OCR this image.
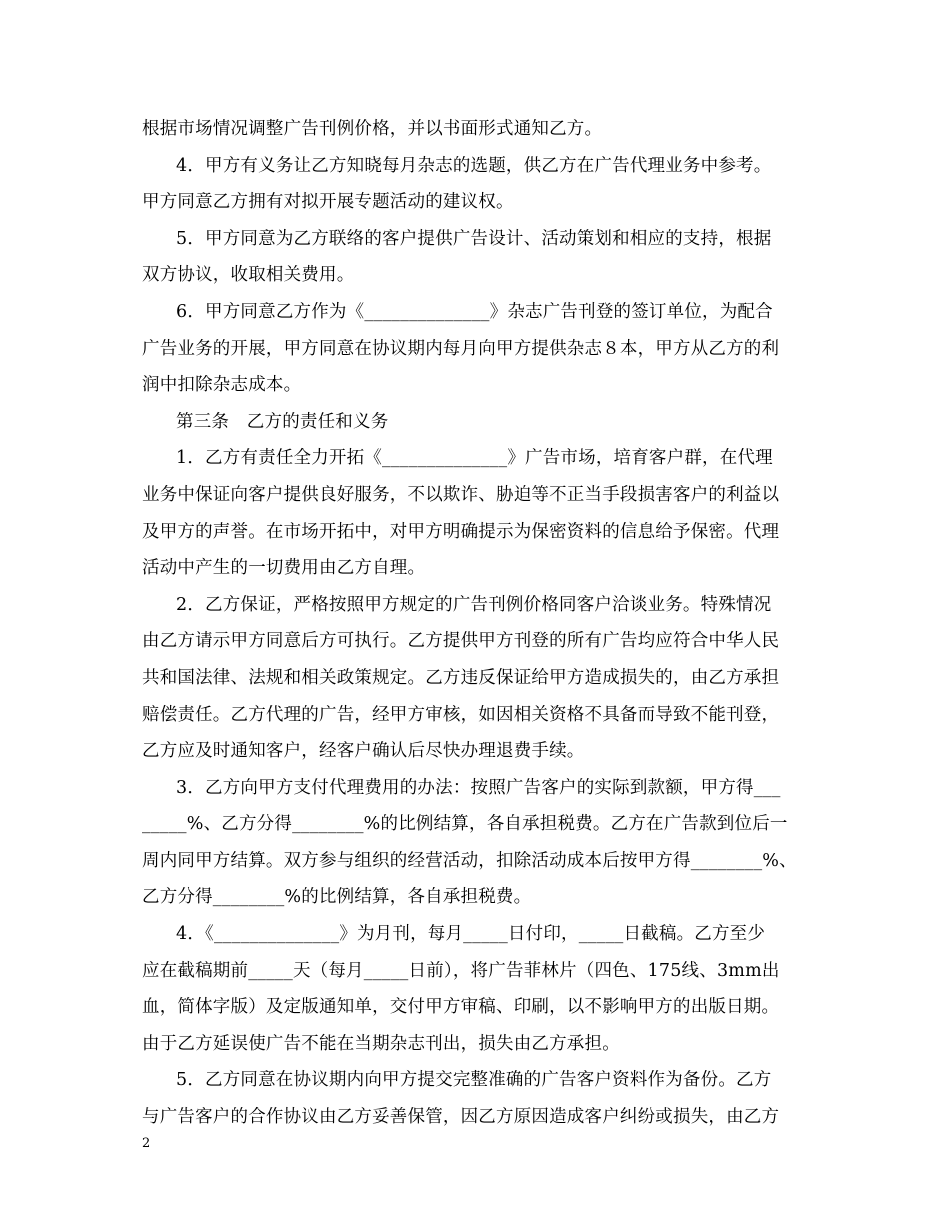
根据市场情况调整广告刊例价格，并以书面形式通知乙方。
4．甲方有义务让乙方知晓每月杂志的选题，供乙方在广告代理业务中参考。
甲方同意乙方拥有对拟开展专题活动的建议权。
5．甲方同意为乙方联络的客户提供广告设计、活动策划和相应的支持，根据
双方协议，收取相关费用。
6．甲方同意乙方作为《______________》杂志广告刊登的签订单位，为配合
广告业务的开展，甲方同意在协议期内每月向甲方提供杂志８本，甲方从乙方的利
润中扣除杂志成本。
第三条　乙方的责任和义务
1．乙方有责任全力开拓《______________》广告市场，培育客户群，在代理
业务中保证向客户提供良好服务，不以欺诈、胁迫等不正当手段损害客户的利益以
及甲方的声誉。在市场开拓中，对甲方明确提示为保密资料的信息给予保密。代理
活动中产生的一切费用由乙方自理。
2．乙方保证，严格按照甲方规定的广告刊例价格同客户洽谈业务。特殊情况
由乙方请示甲方同意后方可执行。乙方提供甲方刊登的所有广告均应符合中华人民
共和国法律、法规和相关政策规定。乙方违反保证给甲方造成损失的，由乙方承担
赔偿责任。乙方代理的广告，经甲方审核，如因相关资格不具备而导致不能刊登，
乙方应及时通知客户，经客户确认后尽快办理退费手续。
3．乙方向甲方支付代理费用的办法：按照广告客户的实际到款额，甲方得___
_____%、乙方分得________%的比例结算，各自承担税费。乙方在广告款到位后一
周内同甲方结算。双方参与组织的经营活动，扣除活动成本后按甲方得________%、
乙方分得________%的比例结算，各自承担税费。
4．《______________》为月刊，每月_____日付印，_____日截稿。乙方至少
应在截稿期前_____天（每月_____日前），将广告菲林片（四色、175线、3mm出
血，简体字版）及定版通知单，交付甲方审稿、印刷，以不影响甲方的出版日期。
由于乙方延误使广告不能在当期杂志刊出，损失由乙方承担。
5．乙方同意在协议期内向甲方提交完整准确的广告客户资料作为备份。乙方
与广告客户的合作协议由乙方妥善保管，因乙方原因造成客户纠纷或损失，由乙方
2
